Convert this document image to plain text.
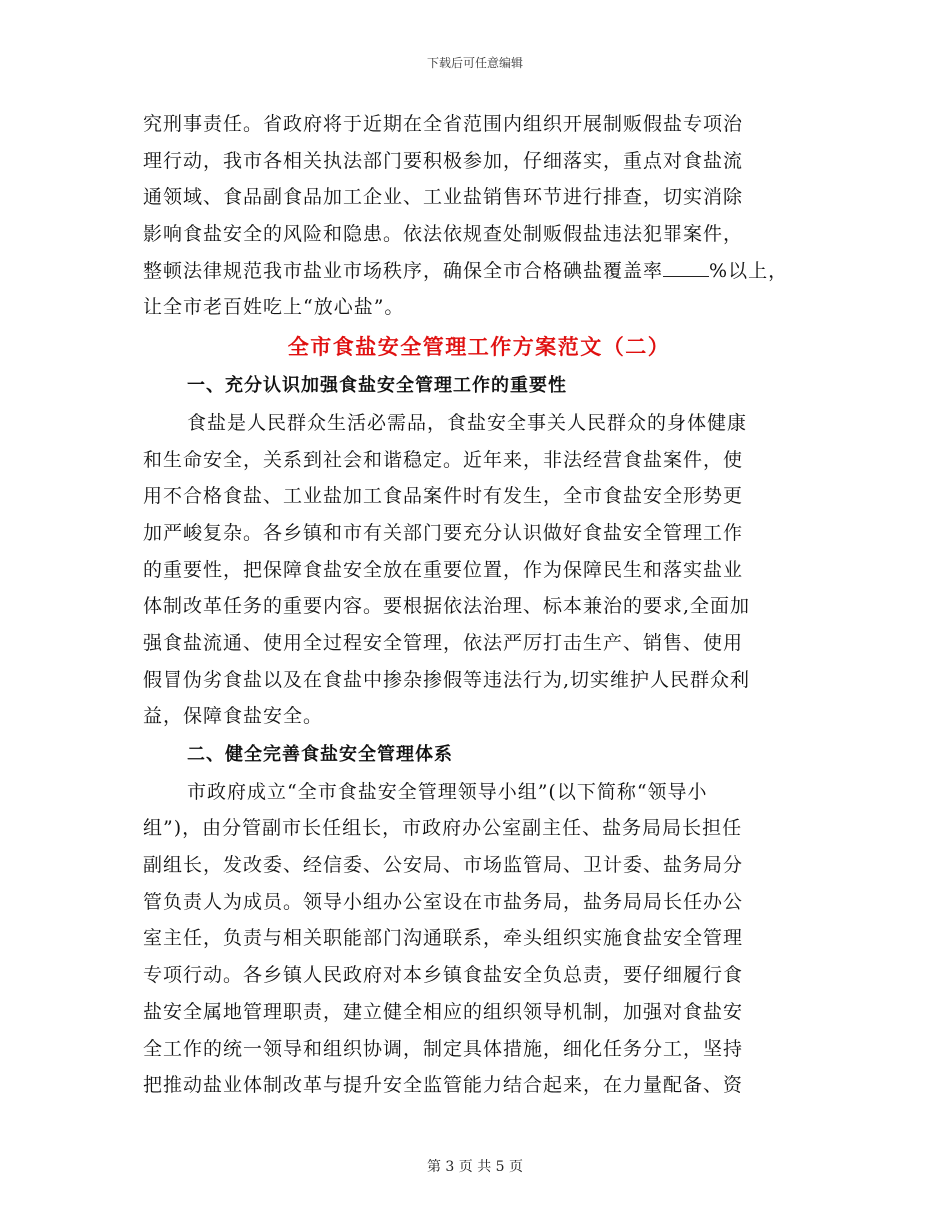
下载后可任意编辑
究刑事责任。省政府将于近期在全省范围内组织开展制贩假盐专项治
理行动，我市各相关执法部门要积极参加，仔细落实，重点对食盐流
通领域、食品副食品加工企业、工业盐销售环节进行排查，切实消除
影响食盐安全的风险和隐患。依法依规查处制贩假盐违法犯罪案件，
整顿法律规范我市盐业市场秩序，确保全市合格碘盐覆盖率 %以上，
让全市老百姓吃上“放心盐”。
全市食盐安全管理工作方案范文（二）
一、充分认识加强食盐安全管理工作的重要性
食盐是人民群众生活必需品，食盐安全事关人民群众的身体健康
和生命安全，关系到社会和谐稳定。近年来，非法经营食盐案件，使
用不合格食盐、工业盐加工食品案件时有发生，全市食盐安全形势更
加严峻复杂。各乡镇和市有关部门要充分认识做好食盐安全管理工作
的重要性，把保障食盐安全放在重要位置，作为保障民生和落实盐业
体制改革任务的重要内容。要根据依法治理、标本兼治的要求,全面加
强食盐流通、使用全过程安全管理，依法严厉打击生产、销售、使用
假冒伪劣食盐以及在食盐中掺杂掺假等违法行为,切实维护人民群众利
益，保障食盐安全。
二、健全完善食盐安全管理体系
市政府成立“全市食盐安全管理领导小组”(以下简称“领导小
组”)，由分管副市长任组长，市政府办公室副主任、盐务局局长担任
副组长，发改委、经信委、公安局、市场监管局、卫计委、盐务局分
管负责人为成员。领导小组办公室设在市盐务局，盐务局局长任办公
室主任，负责与相关职能部门沟通联系，牵头组织实施食盐安全管理
专项行动。各乡镇人民政府对本乡镇食盐安全负总责，要仔细履行食
盐安全属地管理职责，建立健全相应的组织领导机制，加强对食盐安
全工作的统一领导和组织协调，制定具体措施，细化任务分工，坚持
把推动盐业体制改革与提升安全监管能力结合起来，在力量配备、资
第 3 页 共 5 页
